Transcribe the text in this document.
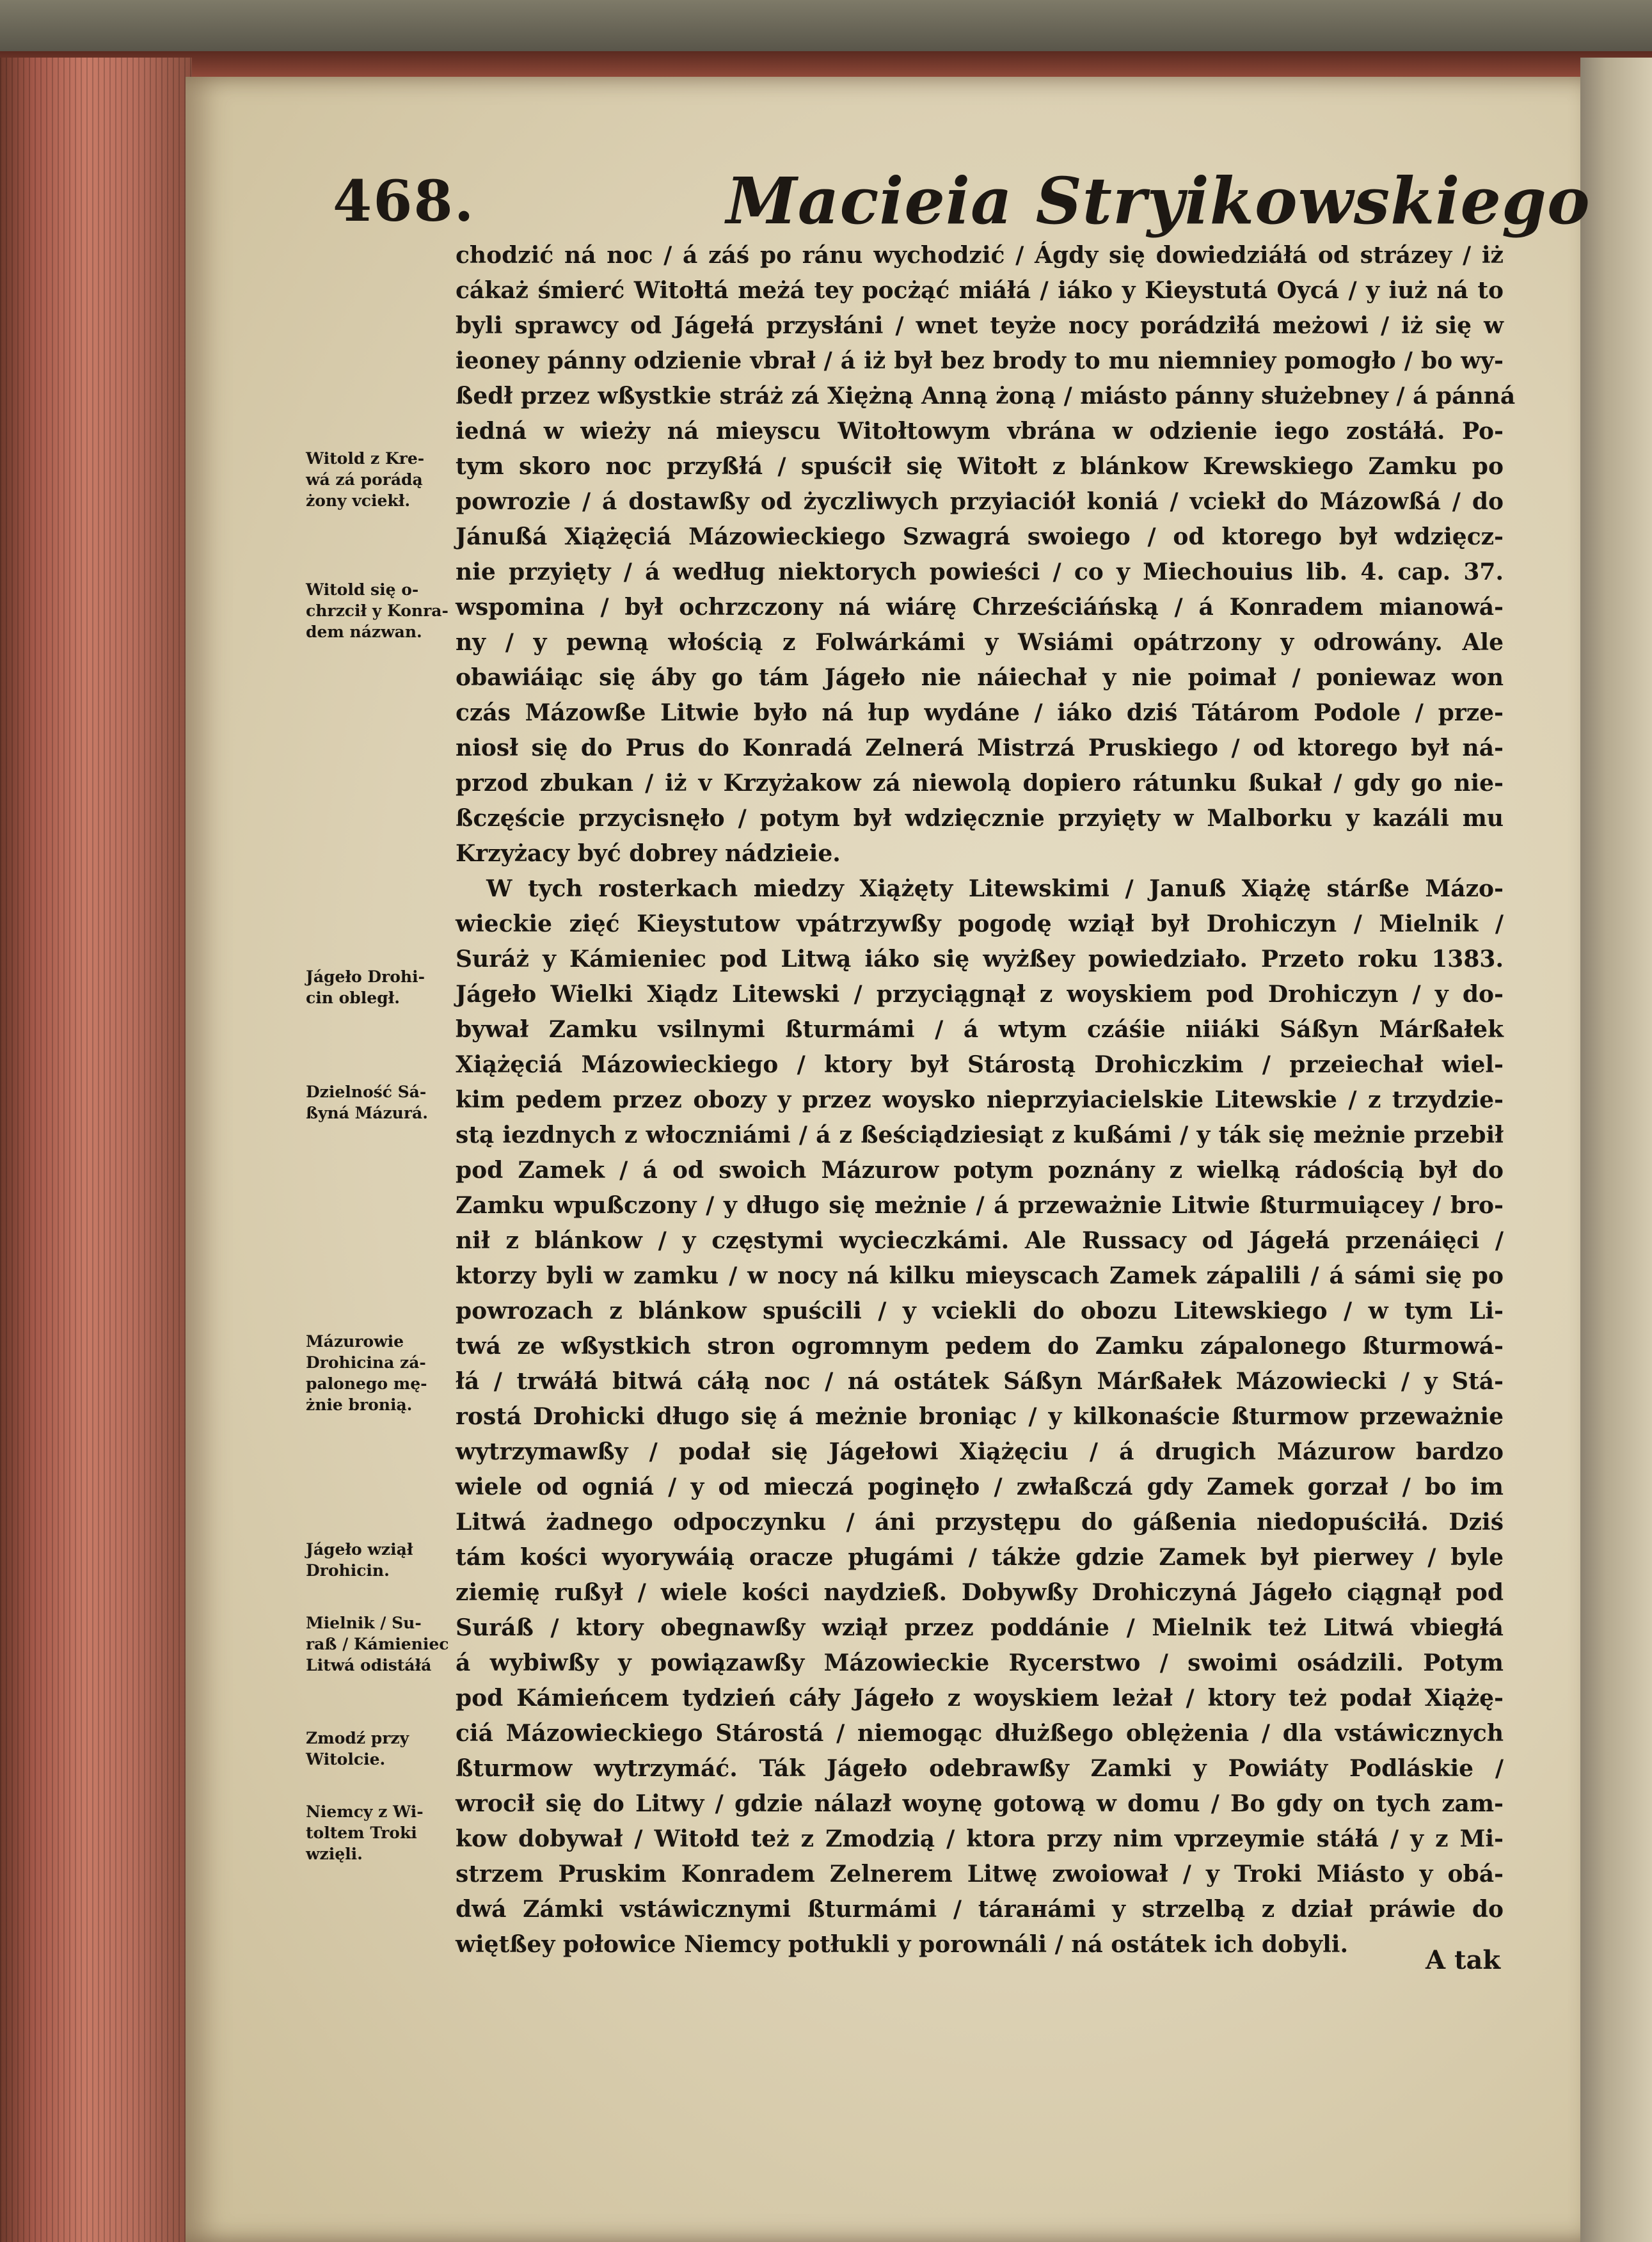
468.	Macieia Stryikowskiego
chodzić ná noc / á záś po ránu wychodzić / Ágdy się dowiedziáłá od strázey / iż
cákaż śmierć Witołtá meżá tey pocżąć miáłá / iáko y Kieystutá Oycá / y iuż ná to
byli sprawcy od Jágełá przysłáni / wnet teyże nocy porádziłá meżowi / iż się w
ieoney pánny odzienie vbrał / á iż był bez brody to mu niemniey pomogło / bo wy-
ßedł przez wßystkie stráż zá Xiężną Anną żoną / miásto pánny służebney / á pánná
iedná w wieży ná mieyscu Witołtowym vbrána w odzienie iego zostáłá. Po-
tym skoro noc przyßłá / spuścił się Witołt z blánkow Krewskiego Zamku po
powrozie / á dostawßy od życzliwych przyiaciół koniá / vciekł do Mázowßá / do
Jánußá Xiążęciá Mázowieckiego Szwagrá swoiego / od ktorego był wdzięcz-
nie przyięty / á według niektorych powieści / co y Miechouius lib. 4. cap. 37.
wspomina / był ochrzczony ná wiárę Chrześciáńską / á Konradem mianowá-
ny / y pewną włością z Folwárkámi y Wsiámi opátrzony y odrowány. Ale
obawiáiąc się áby go tám Jágeło nie náiechał y nie poimał / poniewaz won
czás Mázowße Litwie było ná łup wydáne / iáko dziś Tátárom Podole / prze-
niosł się do Prus do Konradá Zelnerá Mistrzá Pruskiego / od ktorego był ná-
przod zbukan / iż v Krzyżakow zá niewolą dopiero rátunku ßukał / gdy go nie-
ßczęście przycisnęło / potym był wdzięcznie przyięty w Malborku y kazáli mu
Krzyżacy być dobrey nádzieie.
W tych rosterkach miedzy Xiążęty Litewskimi / Januß Xiążę stárße Mázo-
wieckie zięć Kieystutow vpátrzywßy pogodę wziął był Drohiczyn / Mielnik /
Suráż y Kámieniec pod Litwą iáko się wyżßey powiedziało. Przeto roku 1383.
Jágeło Wielki Xiądz Litewski / przyciągnął z woyskiem pod Drohiczyn / y do-
bywał Zamku vsilnymi ßturmámi / á wtym czáśie niiáki Sáßyn Márßałek
Xiążęciá Mázowieckiego / ktory był Stárostą Drohiczkim / przeiechał wiel-
kim pedem przez obozy y przez woysko nieprzyiacielskie Litewskie / z trzydzie-
stą iezdnych z włoczniámi / á z ßeściądziesiąt z kußámi / y ták się meżnie przebił
pod Zamek / á od swoich Mázurow potym poznány z wielką rádością był do
Zamku wpußczony / y długo się meżnie / á przeważnie Litwie ßturmuiącey / bro-
nił z blánkow / y częstymi wycieczkámi. Ale Russacy od Jágełá przenáięci /
ktorzy byli w zamku / w nocy ná kilku mieyscach Zamek zápalili / á sámi się po
powrozach z blánkow spuścili / y vciekli do obozu Litewskiego / w tym Li-
twá ze wßystkich stron ogromnym pedem do Zamku zápalonego ßturmowá-
łá / trwáłá bitwá cáłą noc / ná ostátek Sáßyn Márßałek Mázowiecki / y Stá-
rostá Drohicki długo się á meżnie broniąc / y kilkonaście ßturmow przeważnie
wytrzymawßy / podał się Jágełowi Xiążęciu / á drugich Mázurow bardzo
wiele od ogniá / y od mieczá poginęło / zwłaßczá gdy Zamek gorzał / bo im
Litwá żadnego odpoczynku / áni przystępu do gáßenia niedopuściłá. Dziś
tám kości wyorywáią oracze pługámi / tákże gdzie Zamek był pierwey / byle
ziemię rußył / wiele kości naydzieß. Dobywßy Drohiczyná Jágeło ciągnął pod
Suráß / ktory obegnawßy wziął przez poddánie / Mielnik też Litwá vbiegłá
á wybiwßy y powiązawßy Mázowieckie Rycerstwo / swoimi osádzili. Potym
pod Kámieńcem tydzień cáły Jágeło z woyskiem leżał / ktory też podał Xiążę-
ciá Mázowieckiego Stárostá / niemogąc dłużßego oblężenia / dla vstáwicznych
ßturmow wytrzymáć. Ták Jágeło odebrawßy Zamki y Powiáty Podláskie /
wrocił się do Litwy / gdzie nálazł woynę gotową w domu / Bo gdy on tych zam-
kow dobywał / Witołd też z Zmodzią / ktora przy nim vprzeymie stáłá / y z Mi-
strzem Pruskim Konradem Zelnerem Litwę zwoiował / y Troki Miásto y obá-
dwá Zámki vstáwicznymi ßturmámi / tárанámi y strzelbą z dział práwie do
więtßey połowice Niemcy potłukli y porownáli / ná ostátek ich dobyli.
Witold z Kre-
wá zá porádą
żony vciekł.
Witold się o-
chrzcił y Konra-
dem názwan.
Jágeło Drohi-
cin obległ.
Dzielność Sá-
ßyná Mázurá.
Mázurowie
Drohicina zá-
palonego mę-
żnie bronią.
Jágeło wziął
Drohicin.
Mielnik / Su-
raß / Kámieniec
Litwá odistáłá
Zmodź przy
Witolcie.
Niemcy z Wi-
toltem Troki
wzięli.
A tak
